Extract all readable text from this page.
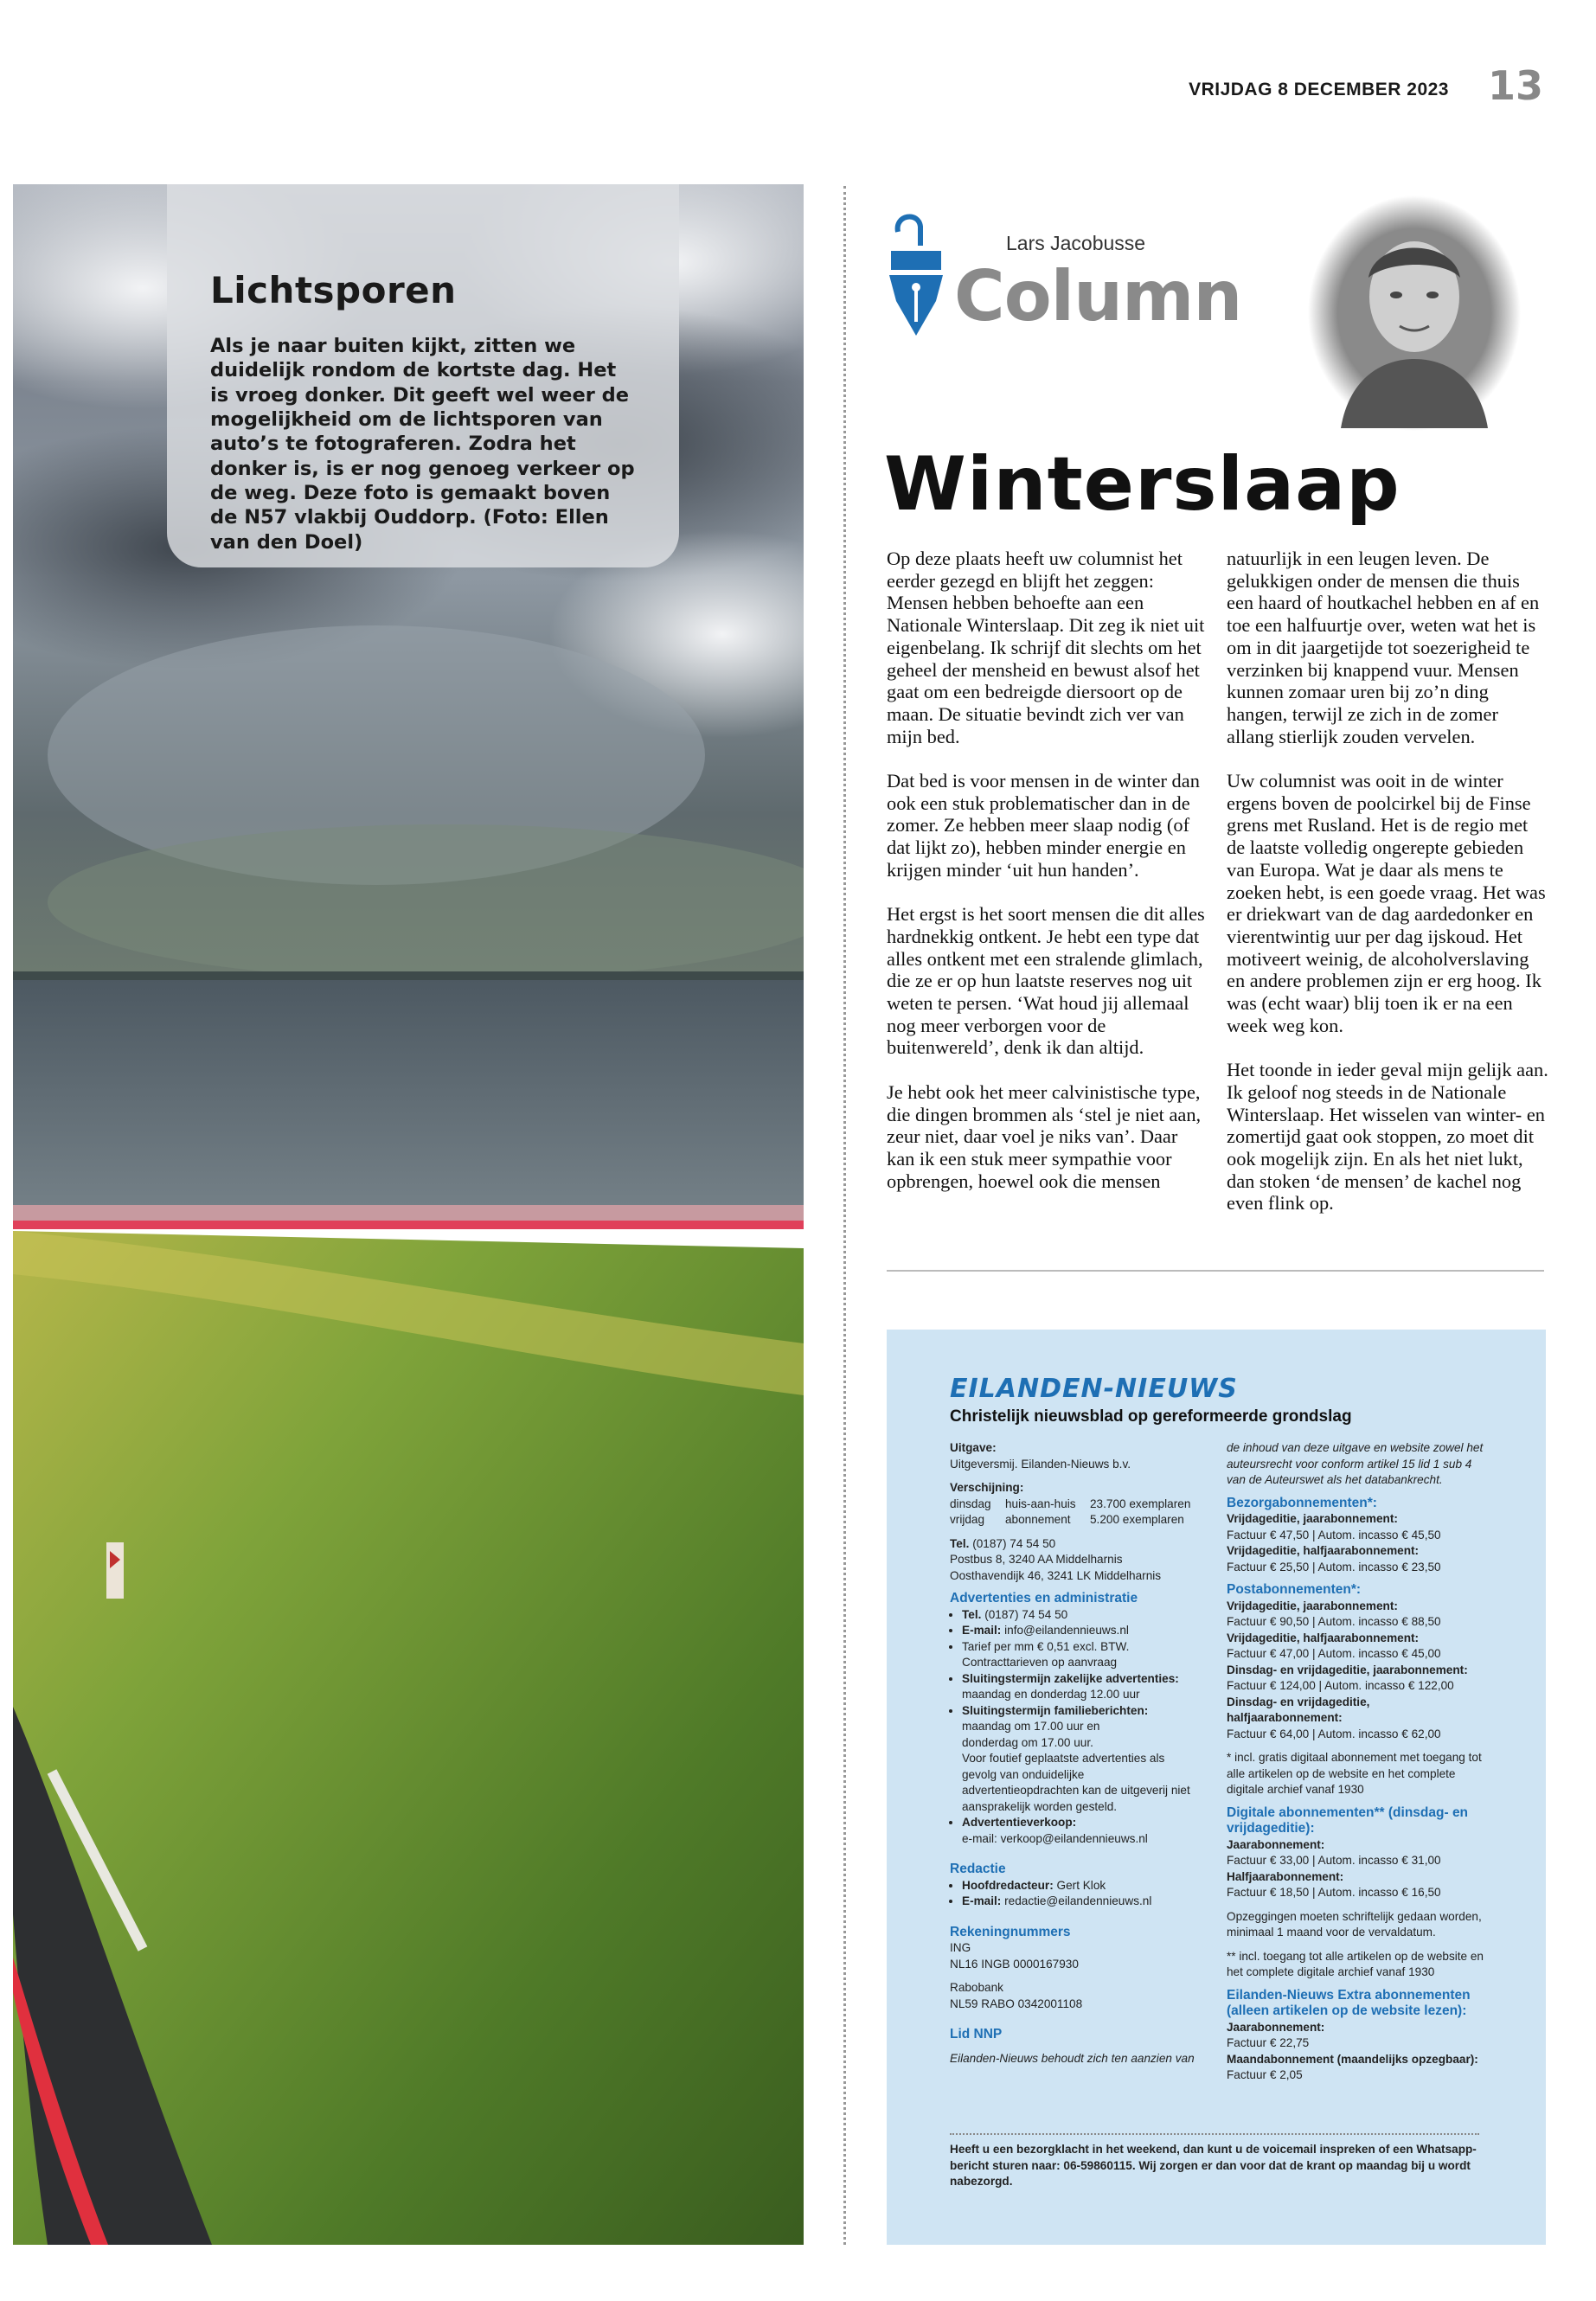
VRIJDAG 8 DECEMBER 2023 13
Lichtsporen

Als je naar buiten kijkt, zitten we duidelijk rondom de kortste dag. Het is vroeg donker. Dit geeft wel weer de mogelijkheid om de lichtsporen van auto’s te fotograferen. Zodra het donker is, is er nog genoeg verkeer op de weg. Deze foto is gemaakt boven de N57 vlakbij Ouddorp. (Foto: Ellen van den Doel)

Lars Jacobusse
Column
Winterslaap

Op deze plaats heeft uw columnist het eerder gezegd en blijft het zeggen: Mensen hebben behoefte aan een Nationale Winterslaap. Dit zeg ik niet uit eigenbelang. Ik schrijf dit slechts om het geheel der mensheid en bewust alsof het gaat om een bedreigde diersoort op de maan. De situatie bevindt zich ver van mijn bed.

Dat bed is voor mensen in de winter dan ook een stuk problematischer dan in de zomer. Ze hebben meer slaap nodig (of dat lijkt zo), hebben minder energie en krijgen minder ‘uit hun handen’.

Het ergst is het soort mensen die dit alles hardnekkig ontkent. Je hebt een type dat alles ontkent met een stralende glimlach, die ze er op hun laatste reserves nog uit weten te persen. ‘Wat houd jij allemaal nog meer verborgen voor de buitenwereld’, denk ik dan altijd.

Je hebt ook het meer calvinistische type, die dingen brommen als ‘stel je niet aan, zeur niet, daar voel je niks van’. Daar kan ik een stuk meer sympathie voor opbrengen, hoewel ook die mensen

natuurlijk in een leugen leven. De gelukkigen onder de mensen die thuis een haard of houtkachel hebben en af en toe een halfuurtje over, weten wat het is om in dit jaargetijde tot soezerigheid te verzinken bij knappend vuur. Mensen kunnen zomaar uren bij zo’n ding hangen, terwijl ze zich in de zomer allang stierlijk zouden vervelen.

Uw columnist was ooit in de winter ergens boven de poolcirkel bij de Finse grens met Rusland. Het is de regio met de laatste volledig ongerepte gebieden van Europa. Wat je daar als mens te zoeken hebt, is een goede vraag. Het was er driekwart van de dag aardedonker en vierentwintig uur per dag ijskoud. Het motiveert weinig, de alcoholverslaving en andere problemen zijn er erg hoog. Ik was (echt waar) blij toen ik er na een week weg kon.

Het toonde in ieder geval mijn gelijk aan. Ik geloof nog steeds in de Nationale Winterslaap. Het wisselen van winter- en zomertijd gaat ook stoppen, zo moet dit ook mogelijk zijn. En als het niet lukt, dan stoken ‘de mensen’ de kachel nog even flink op.

EILANDEN-NIEUWS
Christelijk nieuwsblad op gereformeerde grondslag
Uitgave:
Uitgeversmij. Eilanden-Nieuws b.v.
Verschijning:
dinsdag huis-aan-huis 23.700 exemplaren
vrijdag abonnement 5.200 exemplaren
Tel. (0187) 74 54 50
Postbus 8, 3240 AA Middelharnis
Oosthavendijk 46, 3241 LK Middelharnis
Advertenties en administratie
• Tel. (0187) 74 54 50
• E-mail: info@eilandennieuws.nl
• Tarief per mm € 0,51 excl. BTW.
Contracttarieven op aanvraag
• Sluitingstermijn zakelijke advertenties:
maandag en donderdag 12.00 uur
• Sluitingstermijn familieberichten:
maandag om 17.00 uur en
donderdag om 17.00 uur.
Voor foutief geplaatste advertenties als gevolg van onduidelijke advertentieopdrachten kan de uitgeverij niet aansprakelijk worden gesteld.
• Advertentieverkoop:
e-mail: verkoop@eilandennieuws.nl
Redactie
• Hoofdredacteur: Gert Klok
• E-mail: redactie@eilandennieuws.nl
Rekeningnummers
ING
NL16 INGB 0000167930
Rabobank
NL59 RABO 0342001108
Lid NNP
Eilanden-Nieuws behoudt zich ten aanzien van
de inhoud van deze uitgave en website zowel het auteursrecht voor conform artikel 15 lid 1 sub 4 van de Auteurswet als het databankrecht.
Bezorgabonnementen*:
Vrijdageditie, jaarabonnement:
Factuur € 47,50 | Autom. incasso € 45,50
Vrijdageditie, halfjaarabonnement:
Factuur € 25,50 | Autom. incasso € 23,50
Postabonnementen*:
Vrijdageditie, jaarabonnement:
Factuur € 90,50 | Autom. incasso € 88,50
Vrijdageditie, halfjaarabonnement:
Factuur € 47,00 | Autom. incasso € 45,00
Dinsdag- en vrijdageditie, jaarabonnement:
Factuur € 124,00 | Autom. incasso € 122,00
Dinsdag- en vrijdageditie, halfjaarabonnement:
Factuur € 64,00 | Autom. incasso € 62,00
* incl. gratis digitaal abonnement met toegang tot alle artikelen op de website en het complete digitale archief vanaf 1930
Digitale abonnementen** (dinsdag- en vrijdageditie):
Jaarabonnement:
Factuur € 33,00 | Autom. incasso € 31,00
Halfjaarabonnement:
Factuur € 18,50 | Autom. incasso € 16,50
Opzeggingen moeten schriftelijk gedaan worden, minimaal 1 maand voor de vervaldatum.
** incl. toegang tot alle artikelen op de website en het complete digitale archief vanaf 1930
Eilanden-Nieuws Extra abonnementen (alleen artikelen op de website lezen):
Jaarabonnement:
Factuur € 22,75
Maandabonnement (maandelijks opzegbaar):
Factuur € 2,05
Heeft u een bezorgklacht in het weekend, dan kunt u de voicemail inspreken of een Whatsapp-bericht sturen naar: 06-59860115. Wij zorgen er dan voor dat de krant op maandag bij u wordt nabezorgd.
